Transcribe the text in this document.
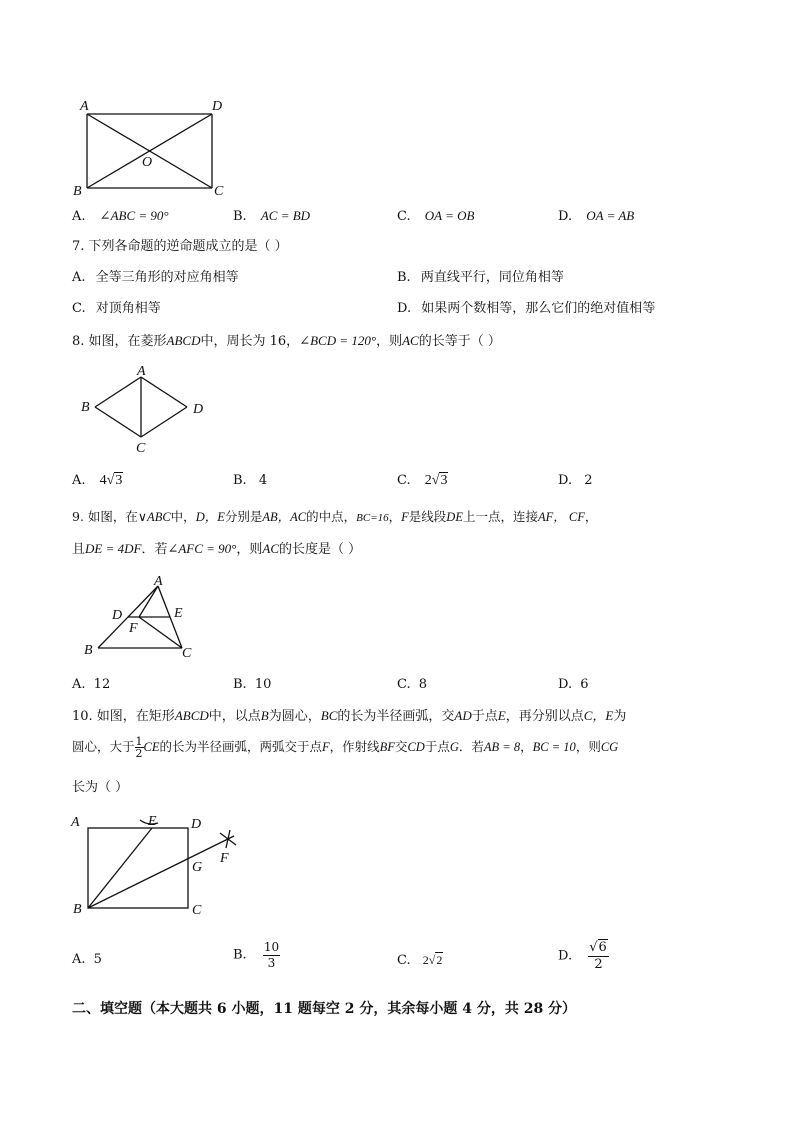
A	D
O
B	C
A. ∠ABC = 90°	B. AC = BD	C. OA = OB	D. OA = AB
7. 下列各命题的逆命题成立的是（ ）
A. 全等三角形的对应角相等	B. 两直线平行，同位角相等
C. 对顶角相等	D. 如果两个数相等，那么它们的绝对值相等
8. 如图，在菱形ABCD中，周长为 16，∠BCD = 120°，则AC的长等于（ ）
A
B	D
C
A. 4√3	B. 4	C. 2√3	D. 2
9. 如图，在∨ABC中，D，E分别是AB，AC的中点，BC=16，F是线段DE上一点，连接AF， CF，
且DE = 4DF．若∠AFC = 90°，则AC的长度是（ ）
A
D	E
F
B	C
A. 12	B. 10	C. 8	D. 6
10. 如图，在矩形ABCD中，以点B为圆心，BC的长为半径画弧，交AD于点E，再分别以点C，E为
圆心，大于 $\frac{1}{2}$ CE的长为半径画弧，两弧交于点F，作射线BF交CD于点G．若AB = 8，BC = 10，则CG
长为（ ）
A	E D
G
F
B	C
A. 5	B. $\frac{10}{3}$	C. 2√2	D. $\frac{√6}{2}$
二、填空题（本大题共 6 小题，11 题每空 2 分，其余每小题 4 分，共 28 分）
